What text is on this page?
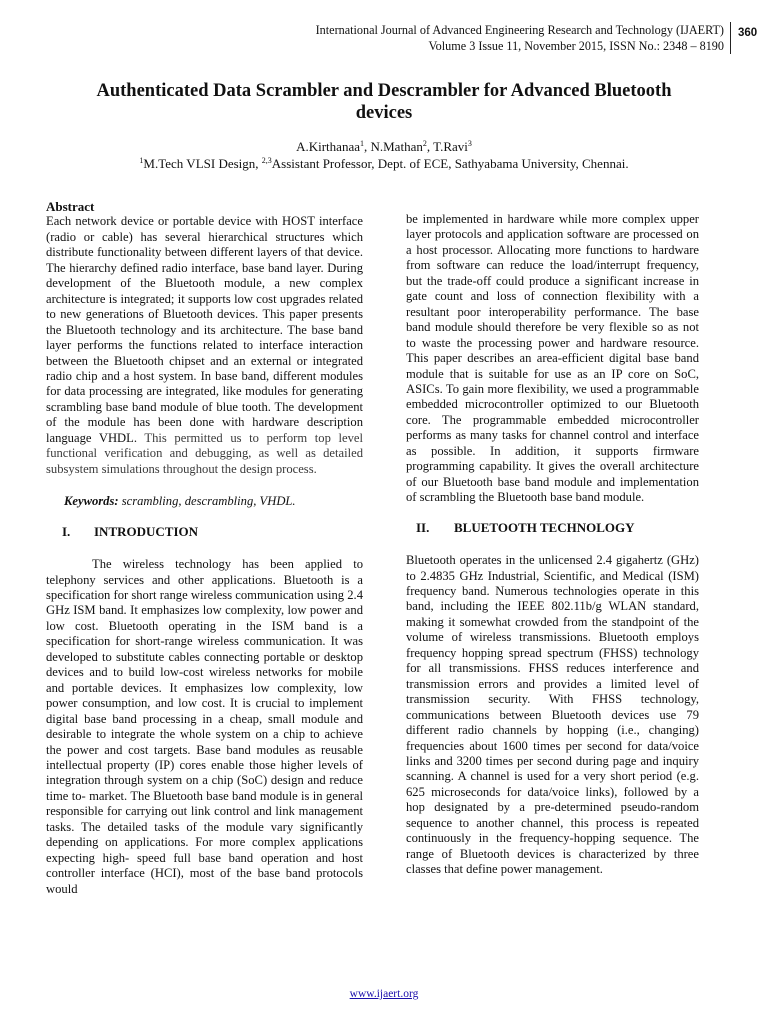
International Journal of Advanced Engineering Research and Technology (IJAERT)
Volume 3 Issue 11, November 2015, ISSN No.: 2348 – 8190
360
Authenticated Data Scrambler and Descrambler for Advanced Bluetooth devices
A.Kirthanaa$^1$, N.Mathan$^2$, T.Ravi$^3$
$^1$M.Tech VLSI Design, $^{2,3}$Assistant Professor, Dept. of ECE, Sathyabama University, Chennai.

Abstract

Each network device or portable device with HOST interface (radio or cable) has several hierarchical structures which distribute functionality between different layers of that device. The hierarchy defined radio interface, base band layer. During development of the Bluetooth module, a new complex architecture is integrated; it supports low cost upgrades related to new generations of Bluetooth devices. This paper presents the Bluetooth technology and its architecture. The base band layer performs the functions related to interface interaction between the Bluetooth chipset and an external or integrated radio chip and a host system. In base band, different modules for data processing are integrated, like modules for generating scrambling base band module of blue tooth. The development of the module has been done with hardware description language VHDL. This permitted us to perform top level functional verification and debugging, as well as detailed subsystem simulations throughout the design process.

Keywords: scrambling, descrambling, VHDL.

I.	INTRODUCTION

The wireless technology has been applied to telephony services and other applications. Bluetooth is a specification for short range wireless communication using 2.4 GHz ISM band. It emphasizes low complexity, low power and low cost. Bluetooth operating in the ISM band is a specification for short-range wireless communication. It was developed to substitute cables connecting portable or desktop devices and to build low-cost wireless networks for mobile and portable devices. It emphasizes low complexity, low power consumption, and low cost. It is crucial to implement digital base band processing in a cheap, small module and desirable to integrate the whole system on a chip to achieve the power and cost targets. Base band modules as reusable intellectual property (IP) cores enable those higher levels of integration through system on a chip (SoC) design and reduce time to- market. The Bluetooth base band module is in general responsible for carrying out link control and link management tasks. The detailed tasks of the module vary significantly depending on applications. For more complex applications expecting high- speed full base band operation and host controller interface (HCI), most of the base band protocols would

be implemented in hardware while more complex upper layer protocols and application software are processed on a host processor. Allocating more functions to hardware from software can reduce the load/interrupt frequency, but the trade-off could produce a significant increase in gate count and loss of connection flexibility with a resultant poor interoperability performance. The base band module should therefore be very flexible so as not to waste the processing power and hardware resource. This paper describes an area-efficient digital base band module that is suitable for use as an IP core on SoC, ASICs. To gain more flexibility, we used a programmable embedded microcontroller optimized to our Bluetooth core. The programmable embedded microcontroller performs as many tasks for channel control and interface as possible. In addition, it supports firmware programming capability. It gives the overall architecture of our Bluetooth base band module and implementation of scrambling the Bluetooth base band module.

II.	BLUETOOTH TECHNOLOGY

Bluetooth operates in the unlicensed 2.4 gigahertz (GHz) to 2.4835 GHz Industrial, Scientific, and Medical (ISM) frequency band. Numerous technologies operate in this band, including the IEEE 802.11b/g WLAN standard, making it somewhat crowded from the standpoint of the volume of wireless transmissions. Bluetooth employs frequency hopping spread spectrum (FHSS) technology for all transmissions. FHSS reduces interference and transmission errors and provides a limited level of transmission security. With FHSS technology, communications between Bluetooth devices use 79 different radio channels by hopping (i.e., changing) frequencies about 1600 times per second for data/voice links and 3200 times per second during page and inquiry scanning. A channel is used for a very short period (e.g. 625 microseconds for data/voice links), followed by a hop designated by a pre-determined pseudo-random sequence to another channel, this process is repeated continuously in the frequency-hopping sequence. The range of Bluetooth devices is characterized by three classes that define power management.

www.ijaert.org
